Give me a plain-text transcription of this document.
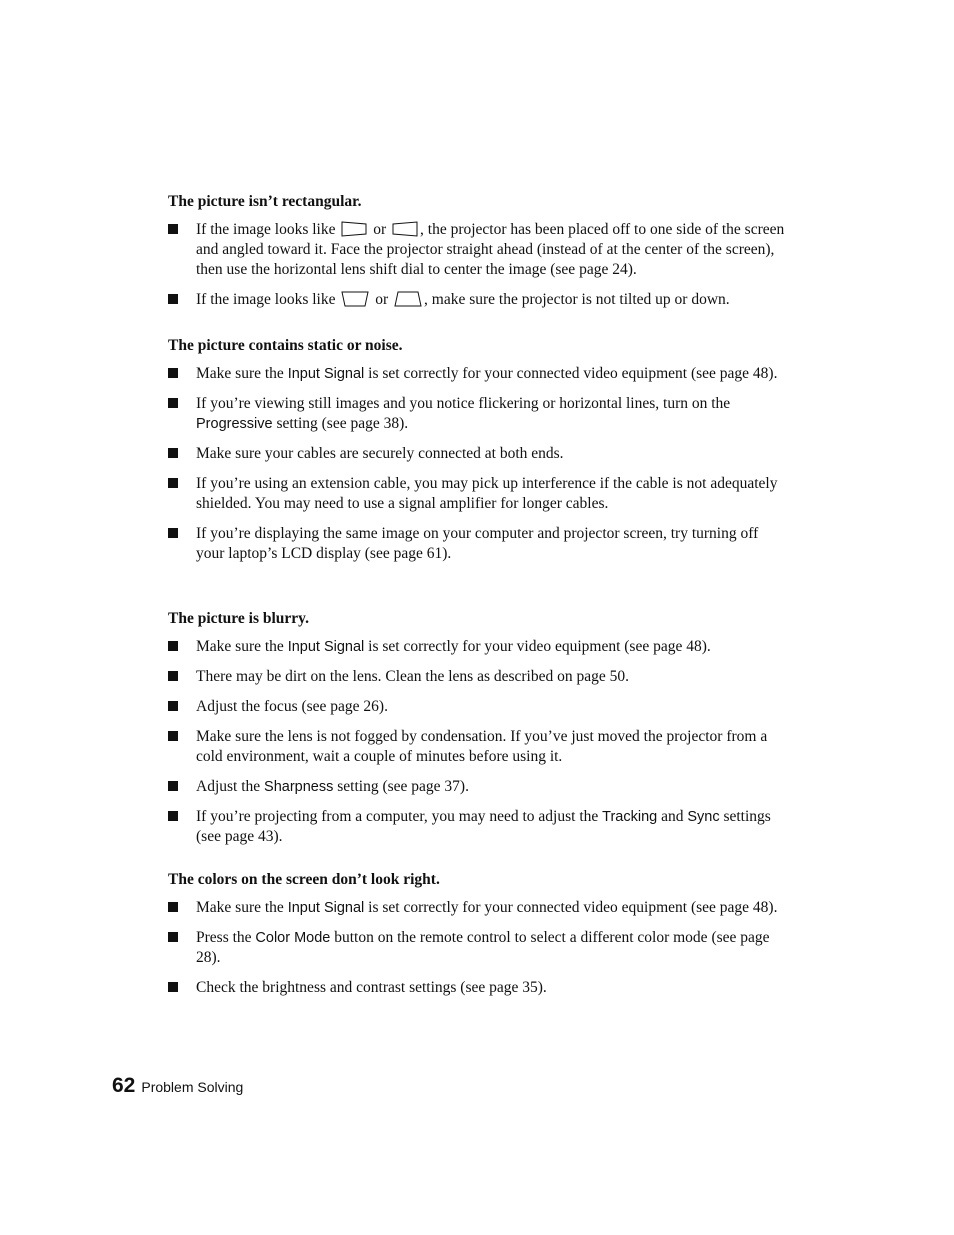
The picture isn’t rectangular.
If the image looks like or , the projector has been placed off to one side of the screen and angled toward it. Face the projector straight ahead (instead of at the center of the screen), then use the horizontal lens shift dial to center the image (see page 24).
If the image looks like	or , make sure the projector is not tilted up or down.
The picture contains static or noise.
Make sure the Input Signal is set correctly for your connected video equipment (see page 48).
If you’re viewing still images and you notice flickering or horizontal lines, turn on the Progressive setting (see page 38).
Make sure your cables are securely connected at both ends.
If you’re using an extension cable, you may pick up interference if the cable is not adequately shielded. You may need to use a signal amplifier for longer cables.
If you’re displaying the same image on your computer and projector screen, try turning off your laptop’s LCD display (see page 61).
The picture is blurry.
Make sure the Input Signal is set correctly for your video equipment (see page 48).
There may be dirt on the lens. Clean the lens as described on page 50.
Adjust the focus (see page 26).
Make sure the lens is not fogged by condensation. If you’ve just moved the projector from a cold environment, wait a couple of minutes before using it.
Adjust the Sharpness setting (see page 37).
If you’re projecting from a computer, you may need to adjust the Tracking and Sync settings (see page 43).
The colors on the screen don’t look right.
Make sure the Input Signal is set correctly for your connected video equipment (see page 48).
Press the Color Mode button on the remote control to select a different color mode (see page 28).
Check the brightness and contrast settings (see page 35).
62 Problem Solving
